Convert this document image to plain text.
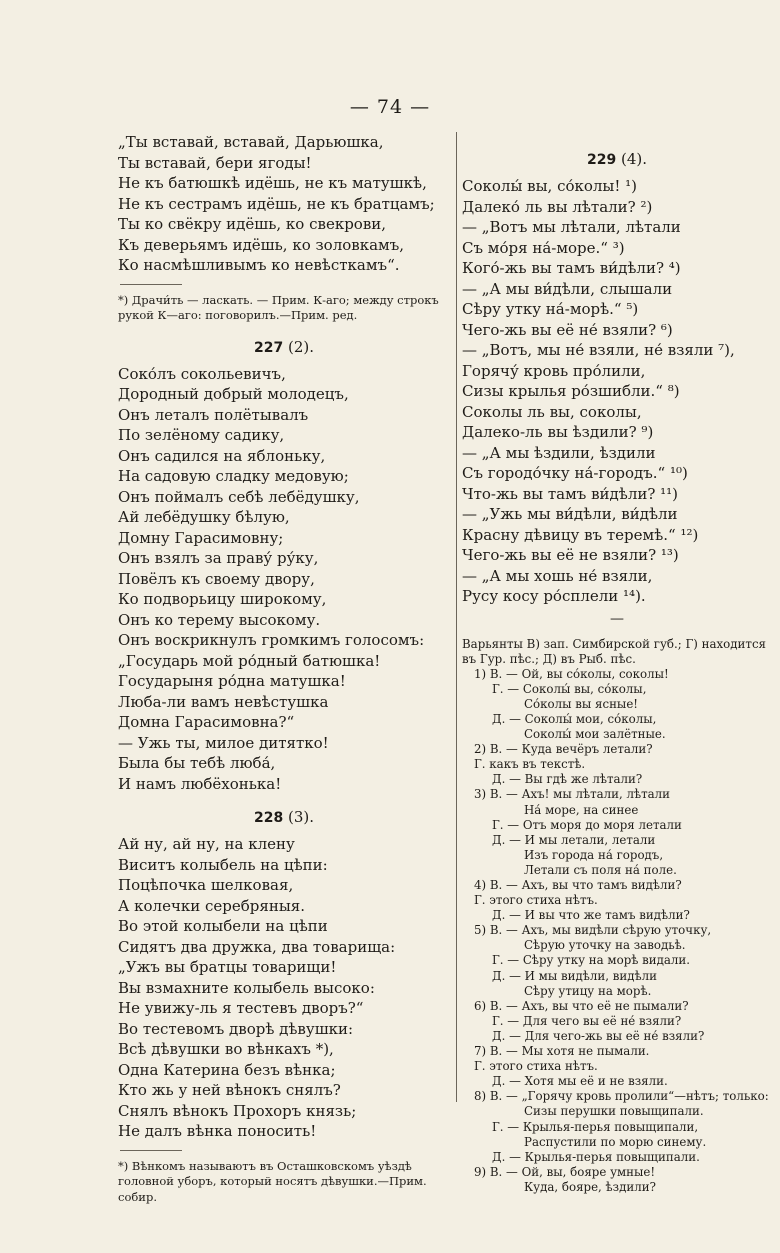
— 74 —
„Ты вставай, вставай, Дарьюшка,
Ты вставай, беpи ягоды!
Не къ батюшкѣ идёшь, не къ матушкѣ,
Не къ сестрамъ идёшь, не къ братцамъ;
Ты ко свёкру идёшь, ко свекрови,
Къ деверьямъ идёшь, ко золовкамъ,
Ко насмѣшливымъ ко невѣсткамъ“.
*) Драчи́ть — ласкать. — Прим. К-аго; между строкъ рукой К—аго: поговорилъ.—Прим. ред.
227 (2).
Соко́лъ сокольевичъ,
Дородный добрый молодецъ,
Онъ леталъ полётывалъ
По зелёному садику,
Онъ садился на яблоньку,
На садовую сладку медовую;
Онъ поймалъ себѣ лебёдушку,
Ай лебёдушку бѣлую,
Домну Гарасимовну;
Онъ взялъ за праву́ ру́ку,
Повёлъ къ своему двору,
Ко подворьицу широкому,
Онъ ко терему высокому.
Онъ воскрикнулъ громкимъ голосомъ:
„Государь мой ро́дный батюшка!
Государыня ро́дна матушка!
Люба-ли вамъ невѣстушка
Домна Гарасимовна?“
— Ужь ты, милое дитятко!
Была бы тебѣ люба́,
И намъ любёхонька!
228 (3).
Ай ну, ай ну, на клену
Виситъ колыбель на цѣпи:
Поцѣпочка шелковая,
А колечки серебряныя.
Во этой колыбели на цѣпи
Сидятъ два дружка, два товарища:
„Ужъ вы братцы товарищи!
Вы взмахните колыбель высоко:
Не увижу-ль я тестевъ дворъ?“
Во тестевомъ дворѣ дѣвушки:
Всѣ дѣвушки во вѣнкахъ *),
Одна Катерина безъ вѣнка;
Кто жь у ней вѣнокъ снялъ?
Снялъ вѣнокъ Прохоръ князь;
Не далъ вѣнка поносить!
*) Вѣнкомъ называютъ въ Осташковскомъ уѣздѣ головной уборъ, который носятъ дѣвушки.—Прим. собир.
229 (4).
Соколы́ вы, со́колы! ¹)
Далеко́ ль вы лѣтали? ²)
— „Вотъ мы лѣтали, лѣтали
Съ мо́ря на́-море.“ ³)
Кого́-жь вы тамъ ви́дѣли? ⁴)
— „А мы ви́дѣли, слышали
Сѣру утку на́-морѣ.“ ⁵)
Чего-жь вы её не́ взяли? ⁶)
— „Вотъ, мы не́ взяли, не́ взяли ⁷),
Горячу́ кровь про́лили,
Сизы крылья ро́зшибли.“ ⁸)
Соколы ль вы, соколы,
Далеко-ль вы ѣздили? ⁹)
— „А мы ѣздили, ѣздили
Съ городо́чку на́-городъ.“ ¹⁰)
Что-жь вы тамъ ви́дѣли? ¹¹)
— „Ужь мы ви́дѣли, ви́дѣли
Красну дѣвицу въ теремѣ.“ ¹²)
Чего-жь вы её не взяли? ¹³)
— „А мы хошь не́ взяли,
Русу косу ро́сплели ¹⁴).
—
Варьянты В) зап. Симбирской губ.; Г) находится въ Гур. пѣс.; Д) въ Рыб. пѣс.
1) В. — Ой, вы со́колы, соколы!
Г. — Соколы́ вы, со́колы,
Со́колы вы ясные!
Д. — Соколы́ мои, со́колы,
Соколы́ мои залётные.
2) В. — Куда вечёръ летали?
Г. какъ въ текстѣ.
Д. — Вы гдѣ же лѣтали?
3) В. — Ахъ! мы лѣтали, лѣтали
На́ море, на синее
Г. — Отъ моря до моря летали
Д. — И мы летали, летали
Изъ города на́ городъ,
Летали съ поля на́ поле.
4) В. — Ахъ, вы что тамъ видѣли?
Г. этого стиха нѣтъ.
Д. — И вы что же тамъ видѣли?
5) В. — Ахъ, мы видѣли сѣрую уточку,
Сѣрую уточку на заводьѣ.
Г. — Сѣру утку на морѣ видали.
Д. — И мы видѣли, видѣли
Сѣру утицу на морѣ.
6) В. — Ахъ, вы что её не пымали?
Г. — Для чего вы её не́ взяли?
Д. — Для чего-жь вы её не́ взяли?
7) В. — Мы хотя не пымали.
Г. этого стиха нѣтъ.
Д. — Хотя мы её и не взяли.
8) В. — „Горячу кровь пролили“—нѣтъ; только:
Сизы перушки повыщипали.
Г. — Крылья-перья повыщипали,
Распустили по морю синему.
Д. — Крылья-перья повыщипали.
9) В. — Ой, вы, бояре умные!
Куда, бояре, ѣздили?
